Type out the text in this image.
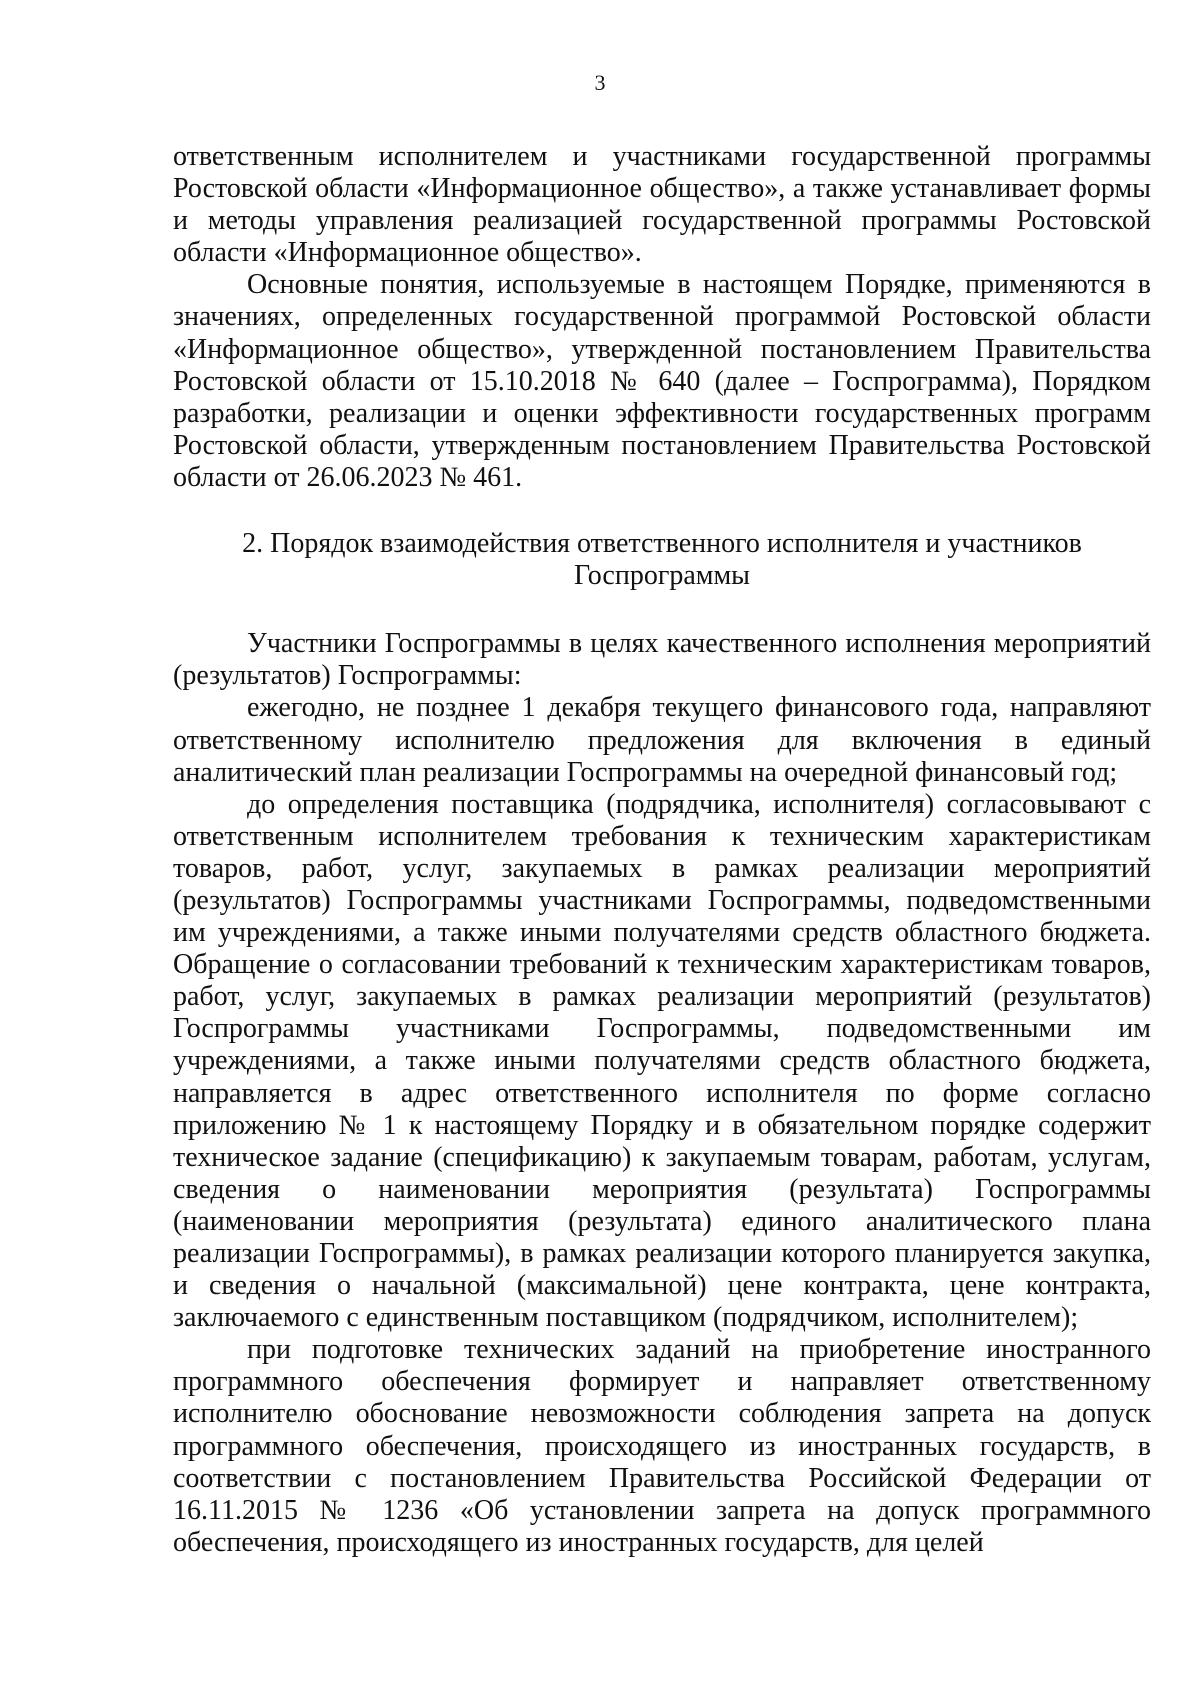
3

ответственным исполнителем и участниками государственной программы Ростовской области «Информационное общество», а также устанавливает формы и методы управления реализацией государственной программы Ростовской области «Информационное общество».

Основные понятия, используемые в настоящем Порядке, применяются в значениях, определенных государственной программой Ростовской области «Информационное общество», утвержденной постановлением Правительства Ростовской области от 15.10.2018 № 640 (далее – Госпрограмма), Порядком разработки, реализации и оценки эффективности государственных программ Ростовской области, утвержденным постановлением Правительства Ростовской области от 26.06.2023 № 461.

2. Порядок взаимодействия ответственного исполнителя и участников
Госпрограммы

Участники Госпрограммы в целях качественного исполнения мероприятий (результатов) Госпрограммы:

ежегодно, не позднее 1 декабря текущего финансового года, направляют ответственному исполнителю предложения для включения в единый аналитический план реализации Госпрограммы на очередной финансовый год;

до определения поставщика (подрядчика, исполнителя) согласовывают с ответственным исполнителем требования к техническим характеристикам товаров, работ, услуг, закупаемых в рамках реализации мероприятий (результатов) Госпрограммы участниками Госпрограммы, подведомственными им учреждениями, а также иными получателями средств областного бюджета. Обращение о согласовании требований к техническим характеристикам товаров, работ, услуг, закупаемых в рамках реализации мероприятий (результатов) Госпрограммы участниками Госпрограммы, подведомственными им учреждениями, а также иными получателями средств областного бюджета, направляется в адрес ответственного исполнителя по форме согласно приложению № 1 к настоящему Порядку и в обязательном порядке содержит техническое задание (спецификацию) к закупаемым товарам, работам, услугам, сведения о наименовании мероприятия (результата) Госпрограммы (наименовании мероприятия (результата) единого аналитического плана реализации Госпрограммы), в рамках реализации которого планируется закупка, и сведения о начальной (максимальной) цене контракта, цене контракта, заключаемого с единственным поставщиком (подрядчиком, исполнителем);

при подготовке технических заданий на приобретение иностранного программного обеспечения формирует и направляет ответственному исполнителю обоснование невозможности соблюдения запрета на допуск программного обеспечения, происходящего из иностранных государств, в соответствии с постановлением Правительства Российской Федерации от 16.11.2015 № 1236 «Об установлении запрета на допуск программного обеспечения, происходящего из иностранных государств, для целей
